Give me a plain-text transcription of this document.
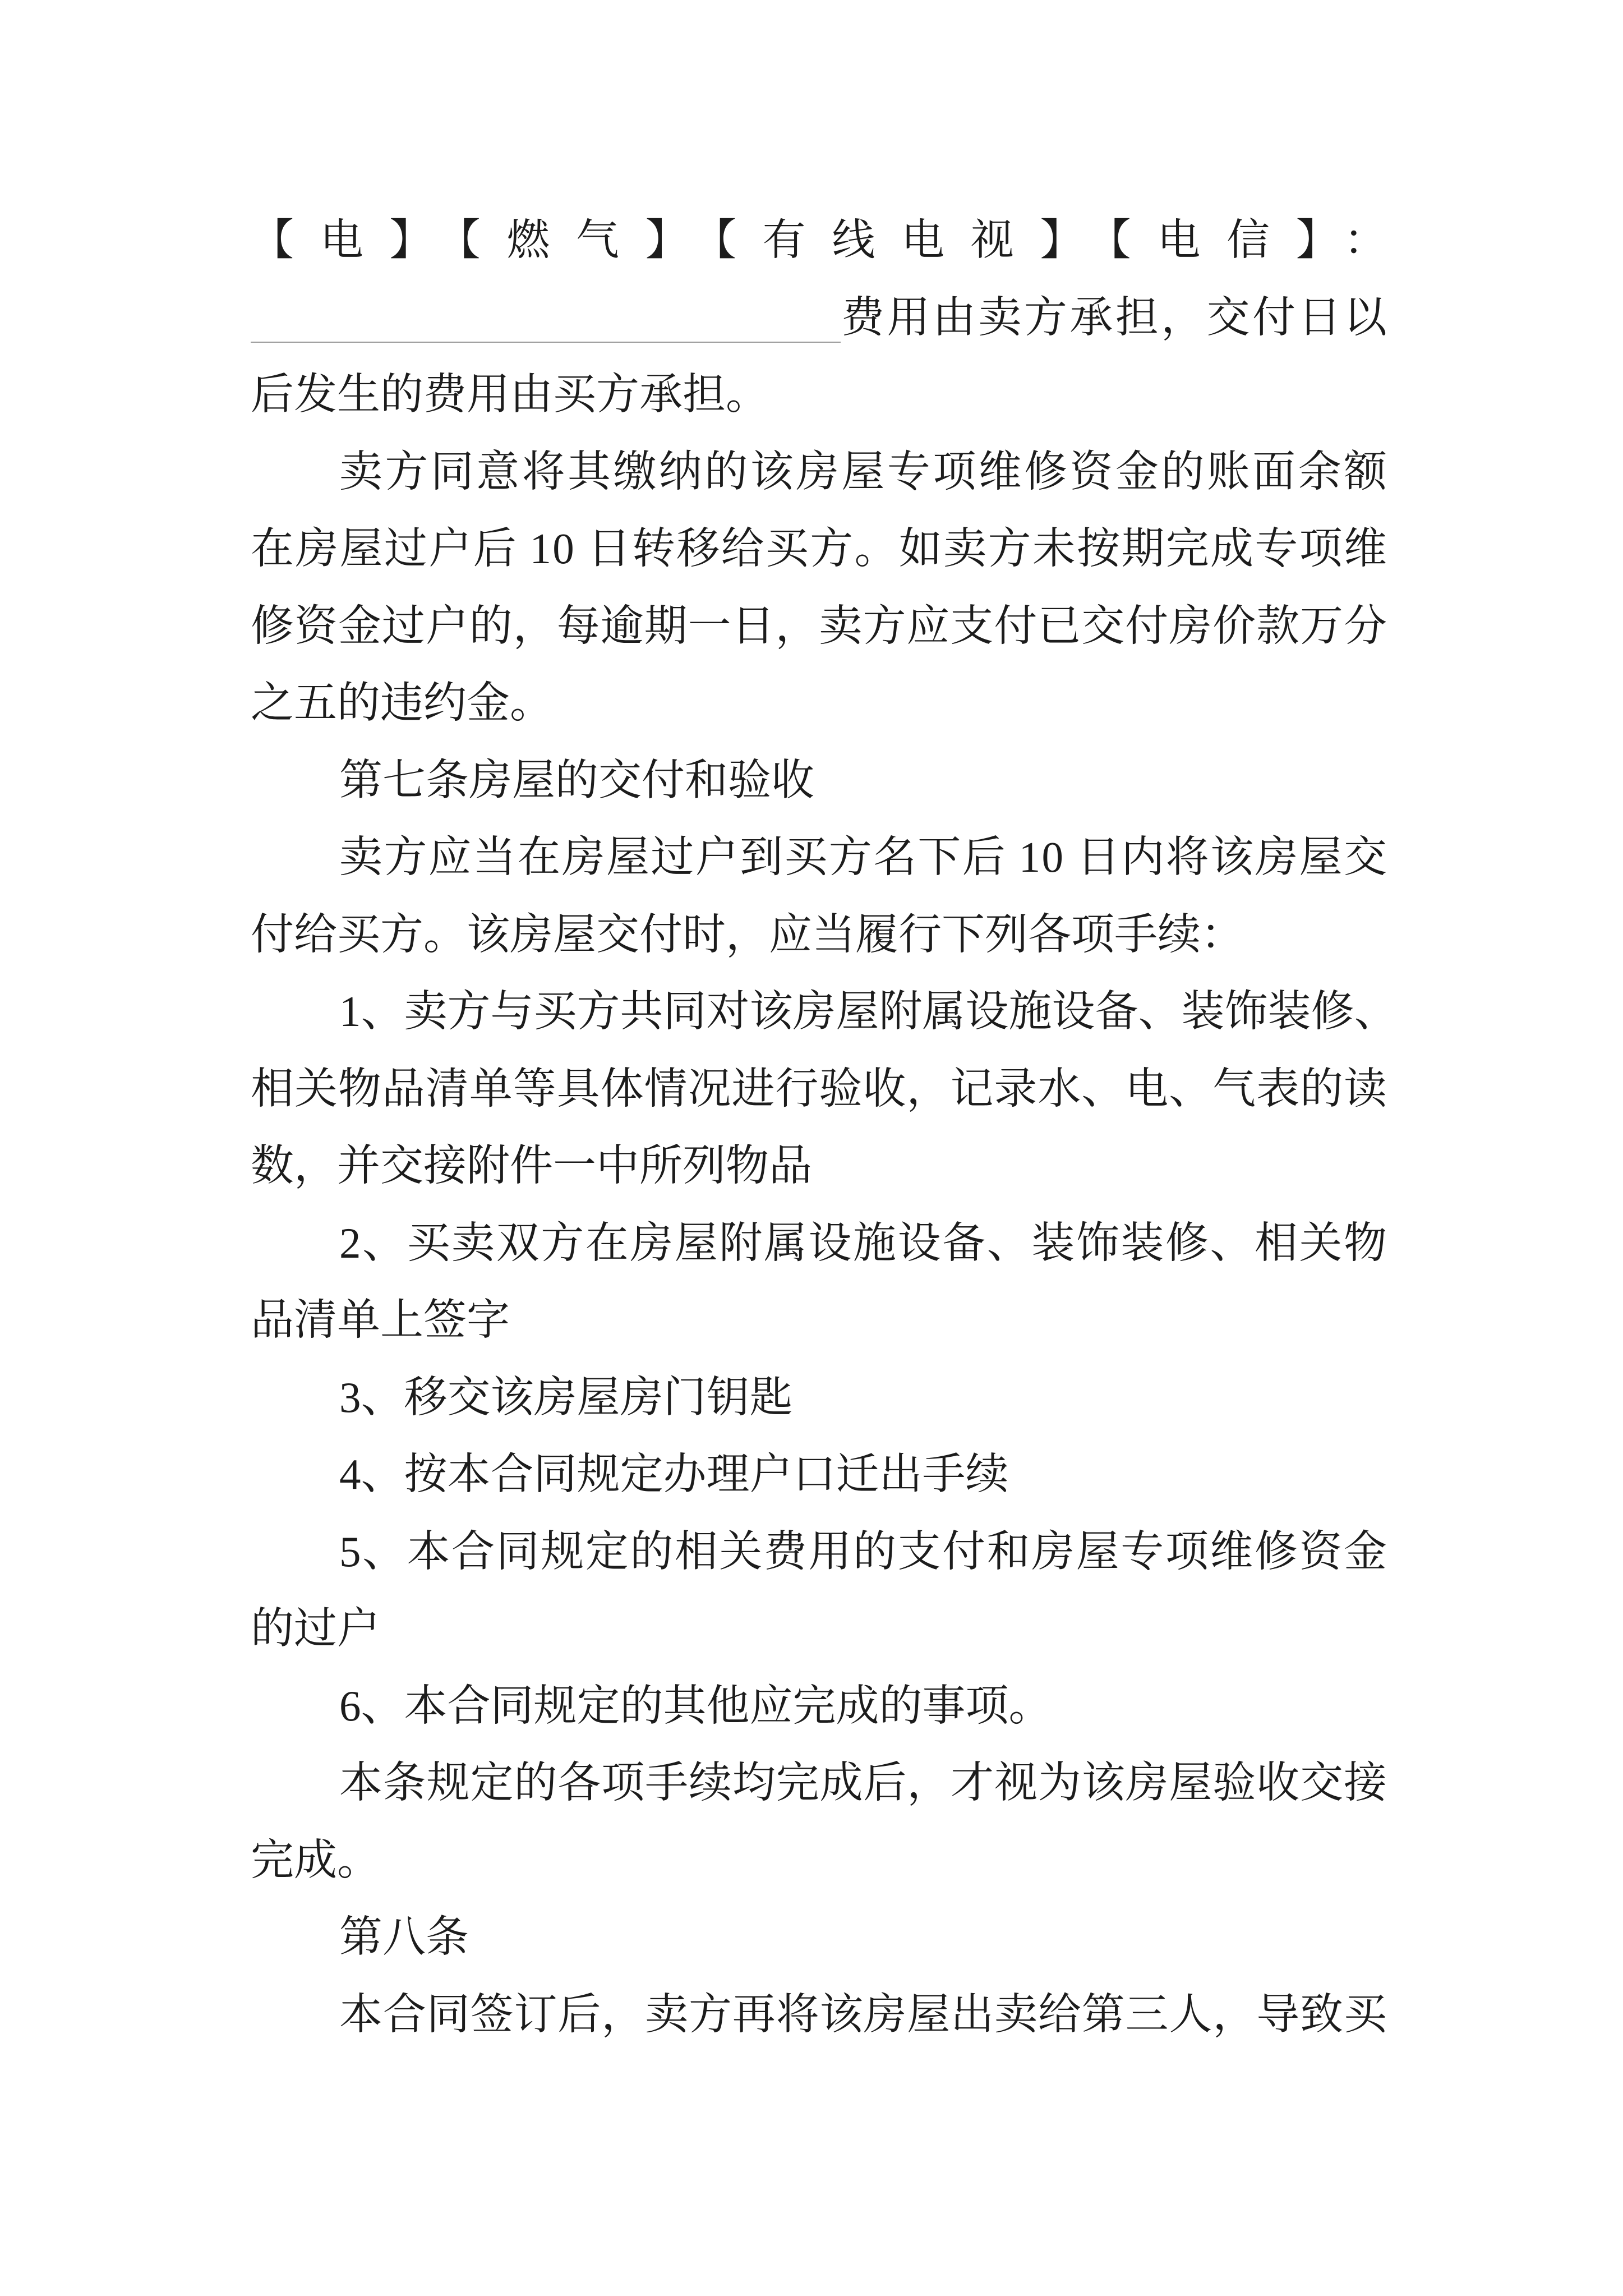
【电】【燃气】【有线电视】【电信】：
费用由卖方承担，交付日以
后发生的费用由买方承担。
卖方同意将其缴纳的该房屋专项维修资金的账面余额
在房屋过户后 10 日转移给买方。如卖方未按期完成专项维
修资金过户的，每逾期一日，卖方应支付已交付房价款万分
之五的违约金。
第七条房屋的交付和验收
卖方应当在房屋过户到买方名下后 10 日内将该房屋交
付给买方。该房屋交付时，应当履行下列各项手续：
1、卖方与买方共同对该房屋附属设施设备、装饰装修、
相关物品清单等具体情况进行验收，记录水、电、气表的读
数，并交接附件一中所列物品
2、买卖双方在房屋附属设施设备、装饰装修、相关物
品清单上签字
3、移交该房屋房门钥匙
4、按本合同规定办理户口迁出手续
5、本合同规定的相关费用的支付和房屋专项维修资金
的过户
6、本合同规定的其他应完成的事项。
本条规定的各项手续均完成后，才视为该房屋验收交接
完成。
第八条
本合同签订后，卖方再将该房屋出卖给第三人，导致买
